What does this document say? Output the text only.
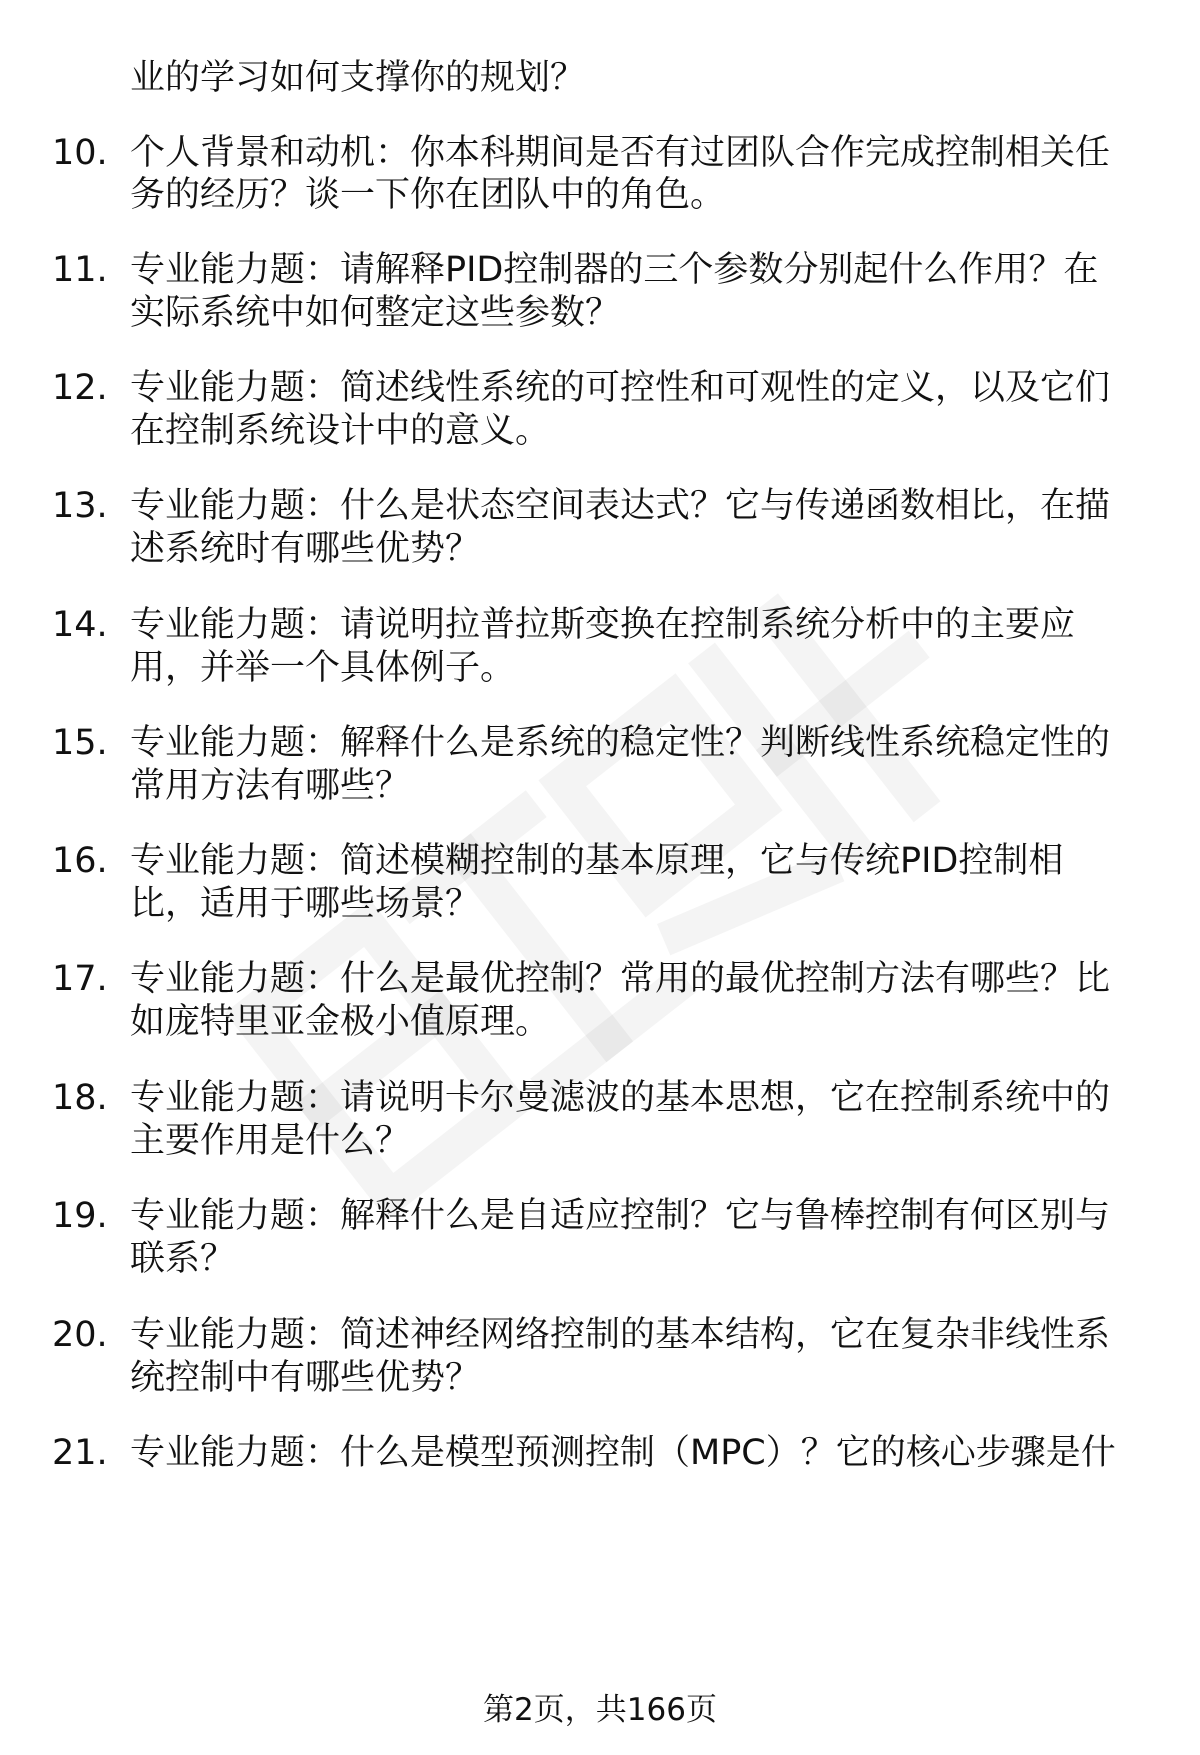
业的学习如何支撑你的规划？
10. 个人背景和动机：你本科期间是否有过团队合作完成控制相关任
务的经历？谈一下你在团队中的角色。
11. 专业能力题：请解释PID控制器的三个参数分别起什么作用？在
实际系统中如何整定这些参数？
12. 专业能力题：简述线性系统的可控性和可观性的定义，以及它们
在控制系统设计中的意义。
13. 专业能力题：什么是状态空间表达式？它与传递函数相比，在描
述系统时有哪些优势？
14. 专业能力题：请说明拉普拉斯变换在控制系统分析中的主要应
用，并举一个具体例子。
15. 专业能力题：解释什么是系统的稳定性？判断线性系统稳定性的
常用方法有哪些？
16. 专业能力题：简述模糊控制的基本原理，它与传统PID控制相
比，适用于哪些场景？
17. 专业能力题：什么是最优控制？常用的最优控制方法有哪些？比
如庞特里亚金极小值原理。
18. 专业能力题：请说明卡尔曼滤波的基本思想，它在控制系统中的
主要作用是什么？
19. 专业能力题：解释什么是自适应控制？它与鲁棒控制有何区别与
联系？
20. 专业能力题：简述神经网络控制的基本结构，它在复杂非线性系
统控制中有哪些优势？
21. 专业能力题：什么是模型预测控制（MPC）？它的核心步骤是什
第2页，共166页
